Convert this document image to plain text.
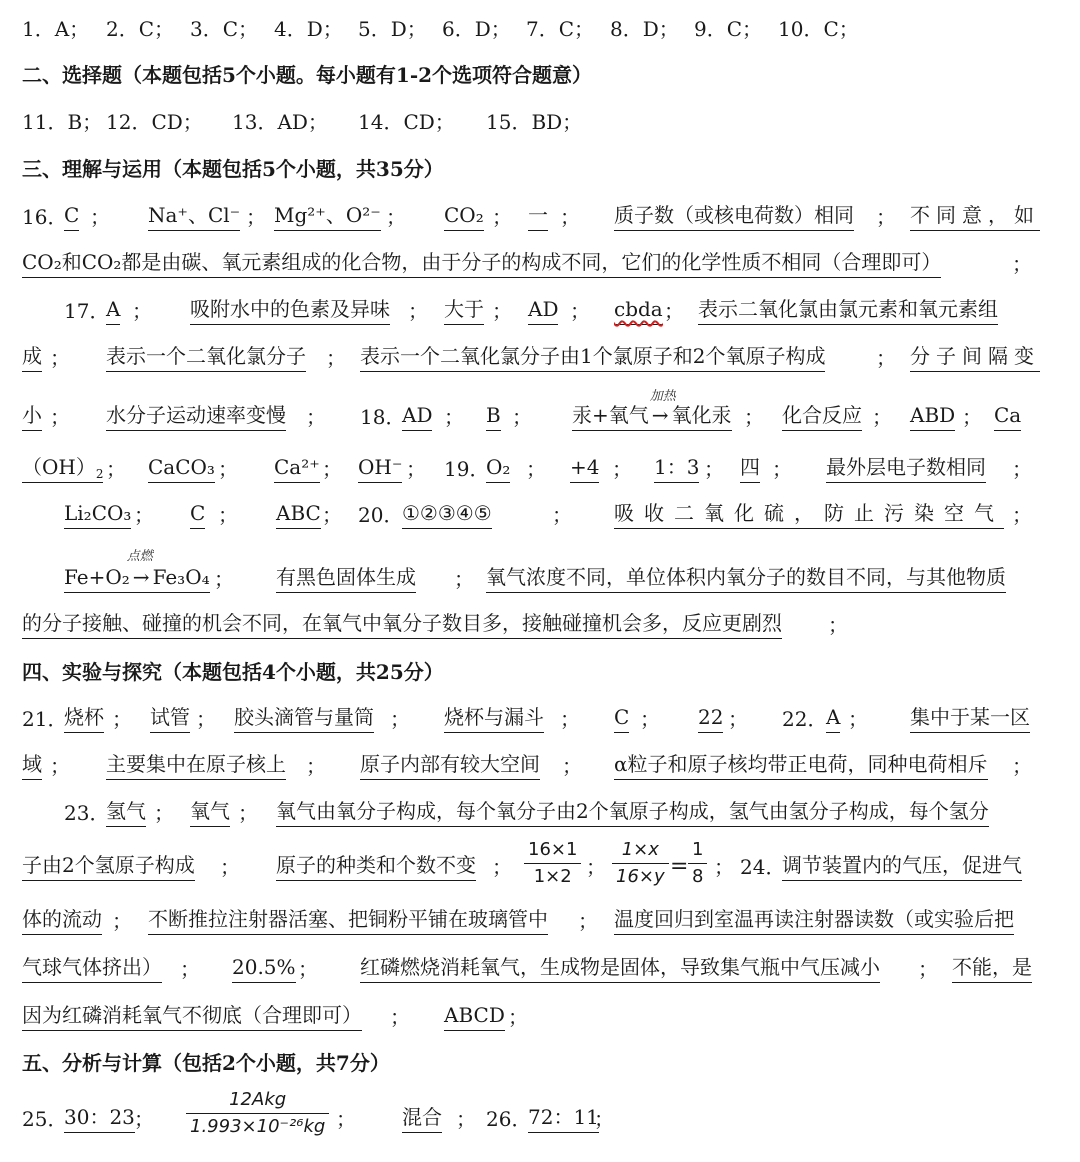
1．A； 2．C； 3．C； 4．D； 5．D； 6．D； 7．C； 8．D； 9．C； 10．C；
二、选择题（本题包括5个小题。每小题有1-2个选项符合题意）
11．B； 12．CD； 13．AD； 14．CD； 15．BD；
三、理解与运用（本题包括5个小题，共35分）
16．
C ； Na⁺、Cl⁻ ； Mg²⁺、O²⁻ ； CO₂ ； 一 ； 质子数（或核电荷数）相同 ； 不同意，如
CO₂和CO₂都是由碳、氧元素组成的化合物，由于分子的构成不同，它们的化学性质不相同（合理即可）	；
17．
A ； 吸附水中的色素及异味 ； 大于 ； AD ； cbda ； 表示二氧化氯由氯元素和氧元素组
成 ； 表示一个二氧化氯分子 ； 表示一个二氧化氯分子由1个氯原子和2个氧原子构成	； 分子间隔变
小 ； 水分子运动速率变慢 ； 18．
AD ； B ； 汞+氧气
加热
→ 氧化汞 ； 化合反应 ； ABD ； Ca
$(OH)_2$ ； CaCO₃ ； Ca²⁺ ； OH⁻ ； 19．
O₂ ； +4 ； 1：3 ； 四 ； 最外层电子数相同 ；
Li₂CO₃ ； C ； ABC ； 20．
①②③④⑤	； 吸收二氧化硫，防止污染空气 ；
Fe+O₂
点燃
→ Fe₃O₄ ； 有黑色固体生成 ； 氧气浓度不同，单位体积内氧分子的数目不同，与其他物质
的分子接触、碰撞的机会不同，在氧气中氧分子数目多，接触碰撞机会多，反应更剧烈 ；
四、实验与探究（本题包括4个小题，共25分）
21．
烧杯 ； 试管 ； 胶头滴管与量筒 ； 烧杯与漏斗 ； C ； 22 ； 22．
A ； 集中于某一区
域 ； 主要集中在原子核上 ； 原子内部有较大空间 ； α粒子和原子核均带正电荷，同种电荷相斥 ；
23．
氢气 ； 氧气 ； 氧气由氧分子构成，每个氧分子由2个氧原子构成，氢气由氢分子构成，每个氢分
子由2个氢原子构成 ； 原子的种类和个数不变 ； $\frac{16\times 1}{1\times 2}$ ； $\frac{1\times x}{16\times y} = \frac{1}{8}$ ； 24．
调节装置内的气压，促进气
体的流动 ； 不断推拉注射器活塞、把铜粉平铺在玻璃管中 ； 温度回归到室温再读注射器读数（或实验后把
气球气体挤出） ； 20.5% ； 红磷燃烧消耗氧气，生成物是固体，导致集气瓶中气压减小 ； 不能，是
因为红磷消耗氧气不彻底（合理即可） ； ABCD ；
五、分析与计算（包括2个小题，共7分）
25．
30：23 ；
12Akg
1.993×10⁻²⁶kg ； 混合 ； 26．
72：11
；
